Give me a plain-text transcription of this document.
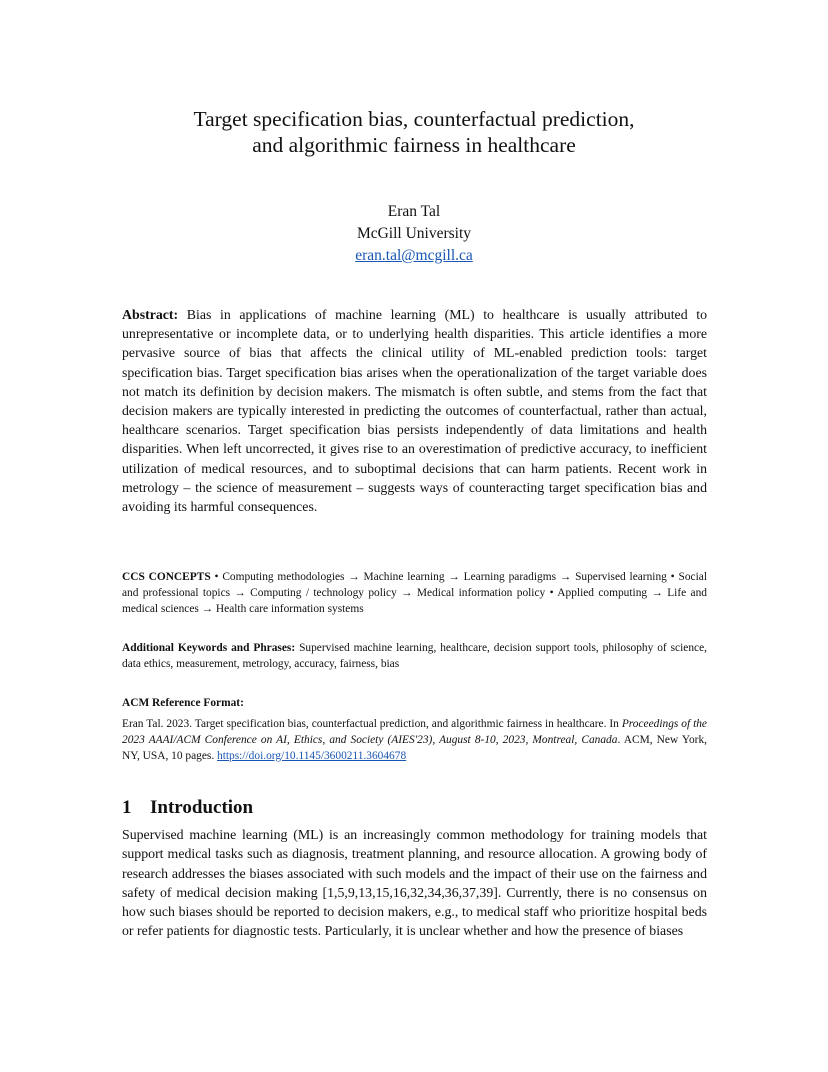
Target specification bias, counterfactual prediction,
and algorithmic fairness in healthcare
Eran Tal
McGill University
eran.tal@mcgill.ca
Abstract: Bias in applications of machine learning (ML) to healthcare is usually attributed to unrepresentative or incomplete data, or to underlying health disparities. This article identifies a more pervasive source of bias that affects the clinical utility of ML-enabled prediction tools: target specification bias. Target specification bias arises when the operationalization of the target variable does not match its definition by decision makers. The mismatch is often subtle, and stems from the fact that decision makers are typically interested in predicting the outcomes of counterfactual, rather than actual, healthcare scenarios. Target specification bias persists independently of data limitations and health disparities. When left uncorrected, it gives rise to an overestimation of predictive accuracy, to inefficient utilization of medical resources, and to suboptimal decisions that can harm patients. Recent work in metrology – the science of measurement – suggests ways of counteracting target specification bias and avoiding its harmful consequences.
CCS CONCEPTS • Computing methodologies → Machine learning → Learning paradigms → Supervised learning • Social and professional topics → Computing / technology policy → Medical information policy • Applied computing → Life and medical sciences → Health care information systems
Additional Keywords and Phrases: Supervised machine learning, healthcare, decision support tools, philosophy of science, data ethics, measurement, metrology, accuracy, fairness, bias
ACM Reference Format:
Eran Tal. 2023. Target specification bias, counterfactual prediction, and algorithmic fairness in healthcare. In Proceedings of the 2023 AAAI/ACM Conference on AI, Ethics, and Society (AIES'23), August 8-10, 2023, Montreal, Canada. ACM, New York, NY, USA, 10 pages. https://doi.org/10.1145/3600211.3604678
1 Introduction
Supervised machine learning (ML) is an increasingly common methodology for training models that support medical tasks such as diagnosis, treatment planning, and resource allocation. A growing body of research addresses the biases associated with such models and the impact of their use on the fairness and safety of medical decision making [1,5,9,13,15,16,32,34,36,37,39]. Currently, there is no consensus on how such biases should be reported to decision makers, e.g., to medical staff who prioritize hospital beds or refer patients for diagnostic tests. Particularly, it is unclear whether and how the presence of biases
